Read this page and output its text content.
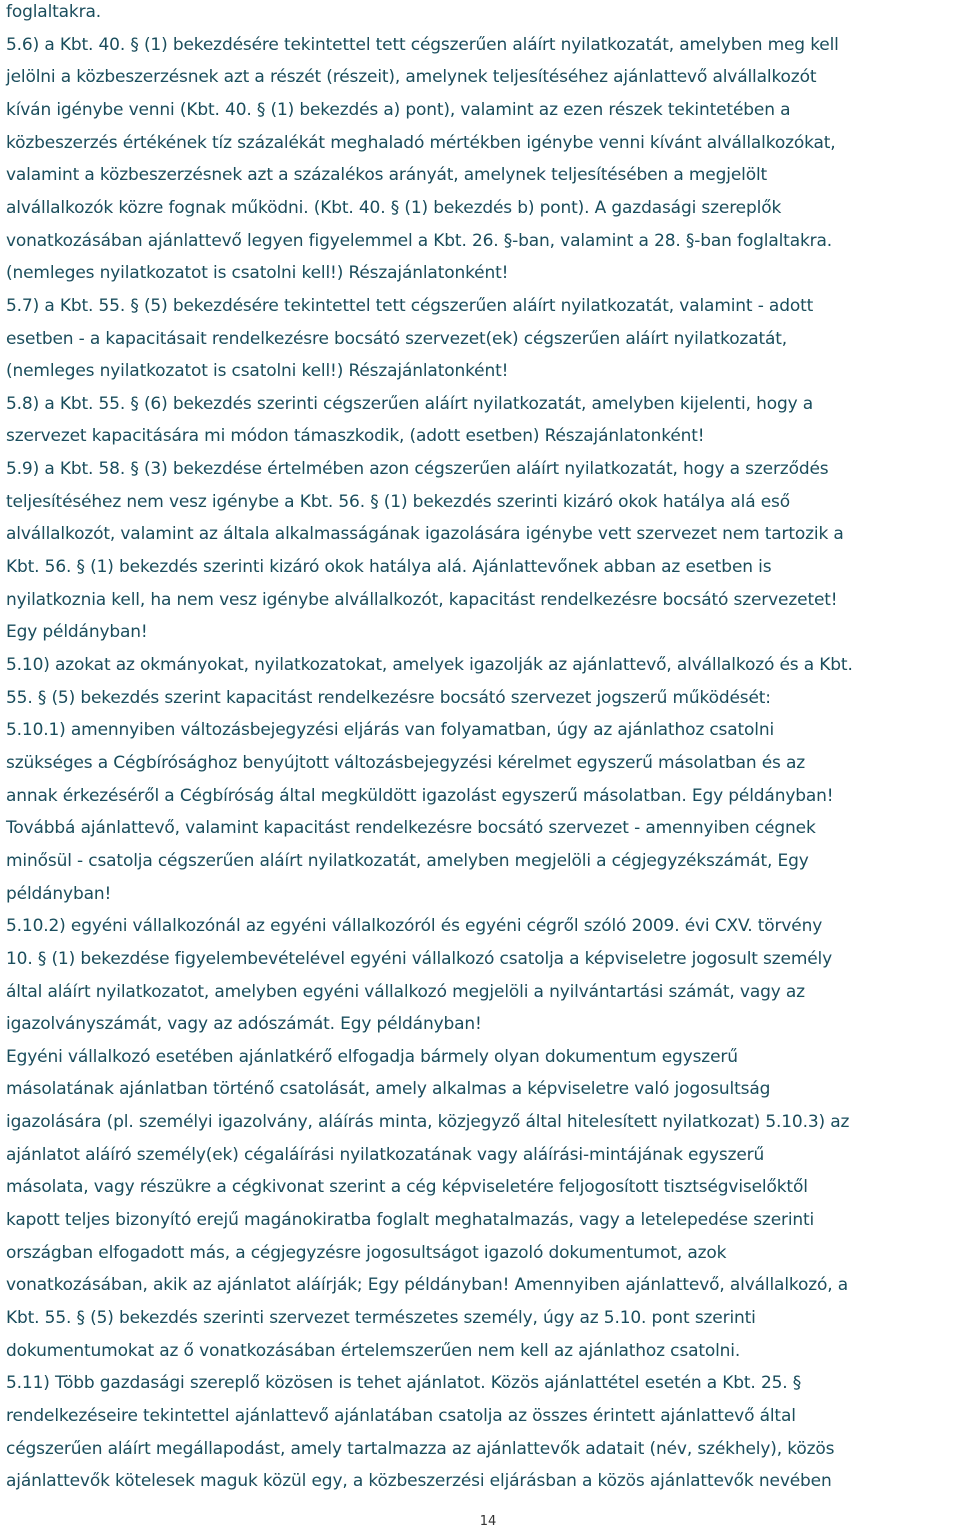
foglaltakra.
5.6) a Kbt. 40. § (1) bekezdésére tekintettel tett cégszerűen aláírt nyilatkozatát, amelyben meg kell
jelölni a közbeszerzésnek azt a részét (részeit), amelynek teljesítéséhez ajánlattevő alvállalkozót
kíván igénybe venni (Kbt. 40. § (1) bekezdés a) pont), valamint az ezen részek tekintetében a
közbeszerzés értékének tíz százalékát meghaladó mértékben igénybe venni kívánt alvállalkozókat,
valamint a közbeszerzésnek azt a százalékos arányát, amelynek teljesítésében a megjelölt
alvállalkozók közre fognak működni. (Kbt. 40. § (1) bekezdés b) pont). A gazdasági szereplők
vonatkozásában ajánlattevő legyen figyelemmel a Kbt. 26. §-ban, valamint a 28. §-ban foglaltakra.
(nemleges nyilatkozatot is csatolni kell!) Részajánlatonként!
5.7) a Kbt. 55. § (5) bekezdésére tekintettel tett cégszerűen aláírt nyilatkozatát, valamint - adott
esetben - a kapacitásait rendelkezésre bocsátó szervezet(ek) cégszerűen aláírt nyilatkozatát,
(nemleges nyilatkozatot is csatolni kell!) Részajánlatonként!
5.8) a Kbt. 55. § (6) bekezdés szerinti cégszerűen aláírt nyilatkozatát, amelyben kijelenti, hogy a
szervezet kapacitására mi módon támaszkodik, (adott esetben) Részajánlatonként!
5.9) a Kbt. 58. § (3) bekezdése értelmében azon cégszerűen aláírt nyilatkozatát, hogy a szerződés
teljesítéséhez nem vesz igénybe a Kbt. 56. § (1) bekezdés szerinti kizáró okok hatálya alá eső
alvállalkozót, valamint az általa alkalmasságának igazolására igénybe vett szervezet nem tartozik a
Kbt. 56. § (1) bekezdés szerinti kizáró okok hatálya alá. Ajánlattevőnek abban az esetben is
nyilatkoznia kell, ha nem vesz igénybe alvállalkozót, kapacitást rendelkezésre bocsátó szervezetet!
Egy példányban!
5.10) azokat az okmányokat, nyilatkozatokat, amelyek igazolják az ajánlattevő, alvállalkozó és a Kbt.
55. § (5) bekezdés szerint kapacitást rendelkezésre bocsátó szervezet jogszerű működését:
5.10.1) amennyiben változásbejegyzési eljárás van folyamatban, úgy az ajánlathoz csatolni
szükséges a Cégbírósághoz benyújtott változásbejegyzési kérelmet egyszerű másolatban és az
annak érkezéséről a Cégbíróság által megküldött igazolást egyszerű másolatban. Egy példányban!
Továbbá ajánlattevő, valamint kapacitást rendelkezésre bocsátó szervezet - amennyiben cégnek
minősül - csatolja cégszerűen aláírt nyilatkozatát, amelyben megjelöli a cégjegyzékszámát, Egy
példányban!
5.10.2) egyéni vállalkozónál az egyéni vállalkozóról és egyéni cégről szóló 2009. évi CXV. törvény
10. § (1) bekezdése figyelembevételével egyéni vállalkozó csatolja a képviseletre jogosult személy
által aláírt nyilatkozatot, amelyben egyéni vállalkozó megjelöli a nyilvántartási számát, vagy az
igazolványszámát, vagy az adószámát. Egy példányban!
Egyéni vállalkozó esetében ajánlatkérő elfogadja bármely olyan dokumentum egyszerű
másolatának ajánlatban történő csatolását, amely alkalmas a képviseletre való jogosultság
igazolására (pl. személyi igazolvány, aláírás minta, közjegyző által hitelesített nyilatkozat) 5.10.3) az
ajánlatot aláíró személy(ek) cégaláírási nyilatkozatának vagy aláírási-mintájának egyszerű
másolata, vagy részükre a cégkivonat szerint a cég képviseletére feljogosított tisztségviselőktől
kapott teljes bizonyító erejű magánokiratba foglalt meghatalmazás, vagy a letelepedése szerinti
országban elfogadott más, a cégjegyzésre jogosultságot igazoló dokumentumot, azok
vonatkozásában, akik az ajánlatot aláírják; Egy példányban! Amennyiben ajánlattevő, alvállalkozó, a
Kbt. 55. § (5) bekezdés szerinti szervezet természetes személy, úgy az 5.10. pont szerinti
dokumentumokat az ő vonatkozásában értelemszerűen nem kell az ajánlathoz csatolni.
5.11) Több gazdasági szereplő közösen is tehet ajánlatot. Közös ajánlattétel esetén a Kbt. 25. §
rendelkezéseire tekintettel ajánlattevő ajánlatában csatolja az összes érintett ajánlattevő által
cégszerűen aláírt megállapodást, amely tartalmazza az ajánlattevők adatait (név, székhely), közös
ajánlattevők kötelesek maguk közül egy, a közbeszerzési eljárásban a közös ajánlattevők nevében
14
